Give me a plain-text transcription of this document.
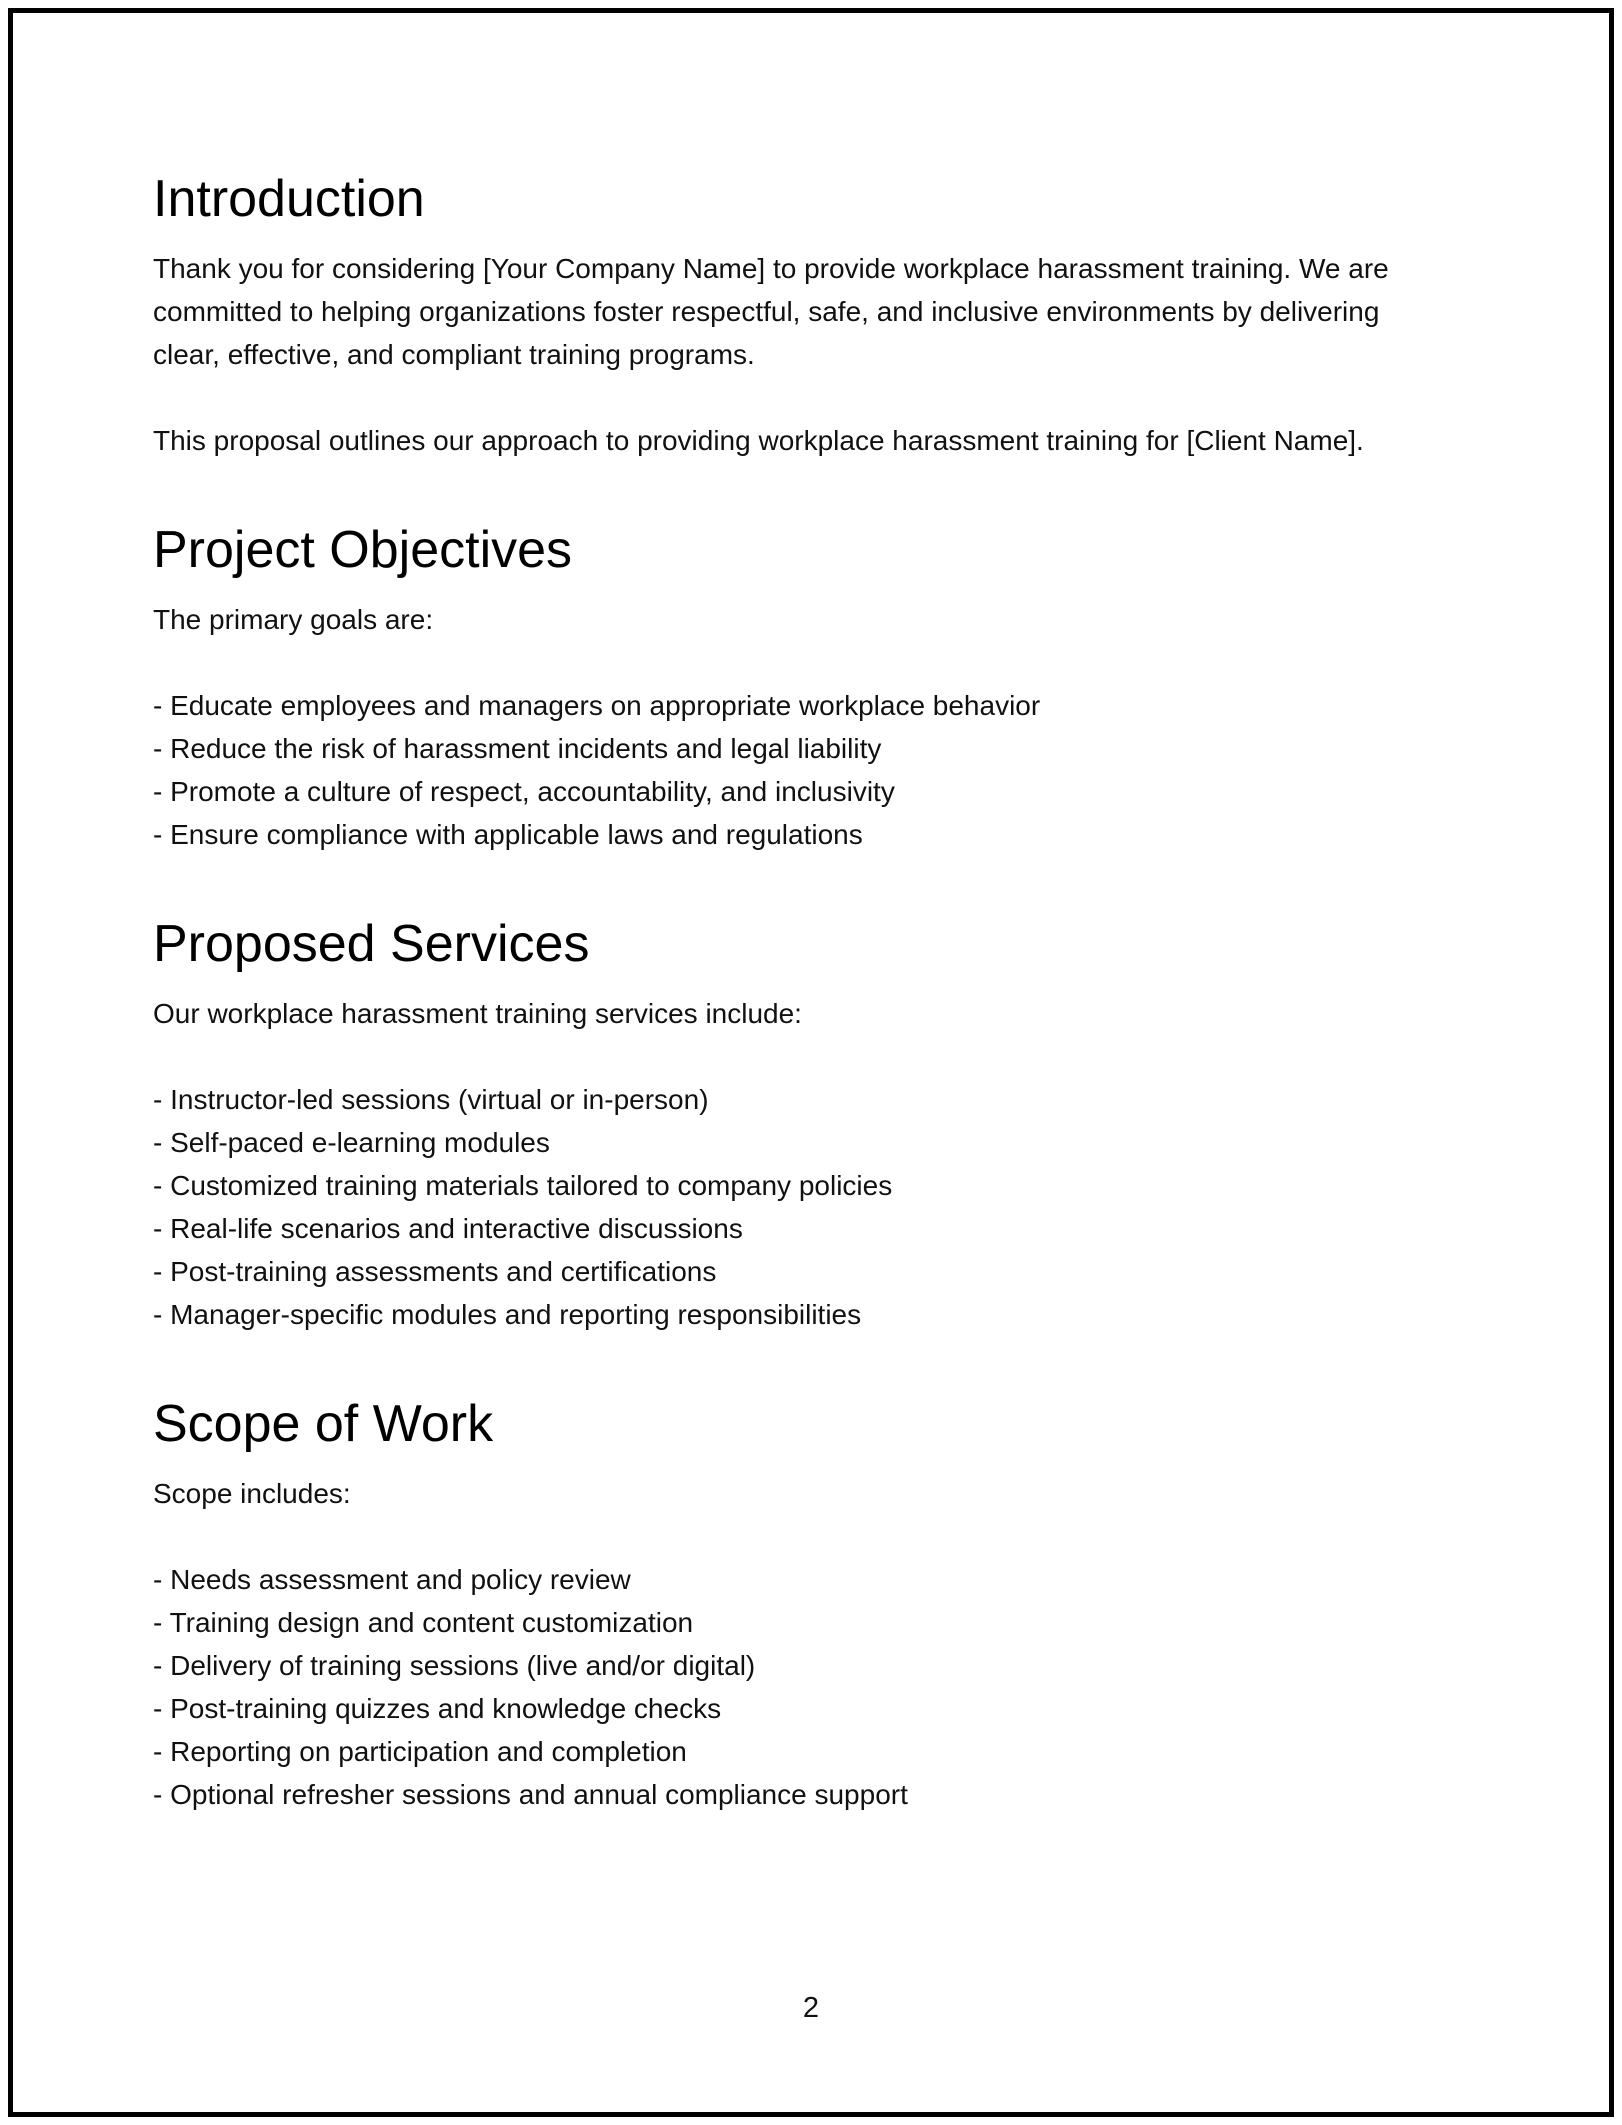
Introduction

Thank you for considering [Your Company Name] to provide workplace harassment training. We are committed to helping organizations foster respectful, safe, and inclusive environments by delivering clear, effective, and compliant training programs.

This proposal outlines our approach to providing workplace harassment training for [Client Name].

Project Objectives

The primary goals are:

- Educate employees and managers on appropriate workplace behavior
- Reduce the risk of harassment incidents and legal liability
- Promote a culture of respect, accountability, and inclusivity
- Ensure compliance with applicable laws and regulations
Proposed Services

Our workplace harassment training services include:

- Instructor-led sessions (virtual or in-person)
- Self-paced e-learning modules
- Customized training materials tailored to company policies
- Real-life scenarios and interactive discussions
- Post-training assessments and certifications
- Manager-specific modules and reporting responsibilities
Scope of Work

Scope includes:

- Needs assessment and policy review
- Training design and content customization
- Delivery of training sessions (live and/or digital)
- Post-training quizzes and knowledge checks
- Reporting on participation and completion
- Optional refresher sessions and annual compliance support
2
